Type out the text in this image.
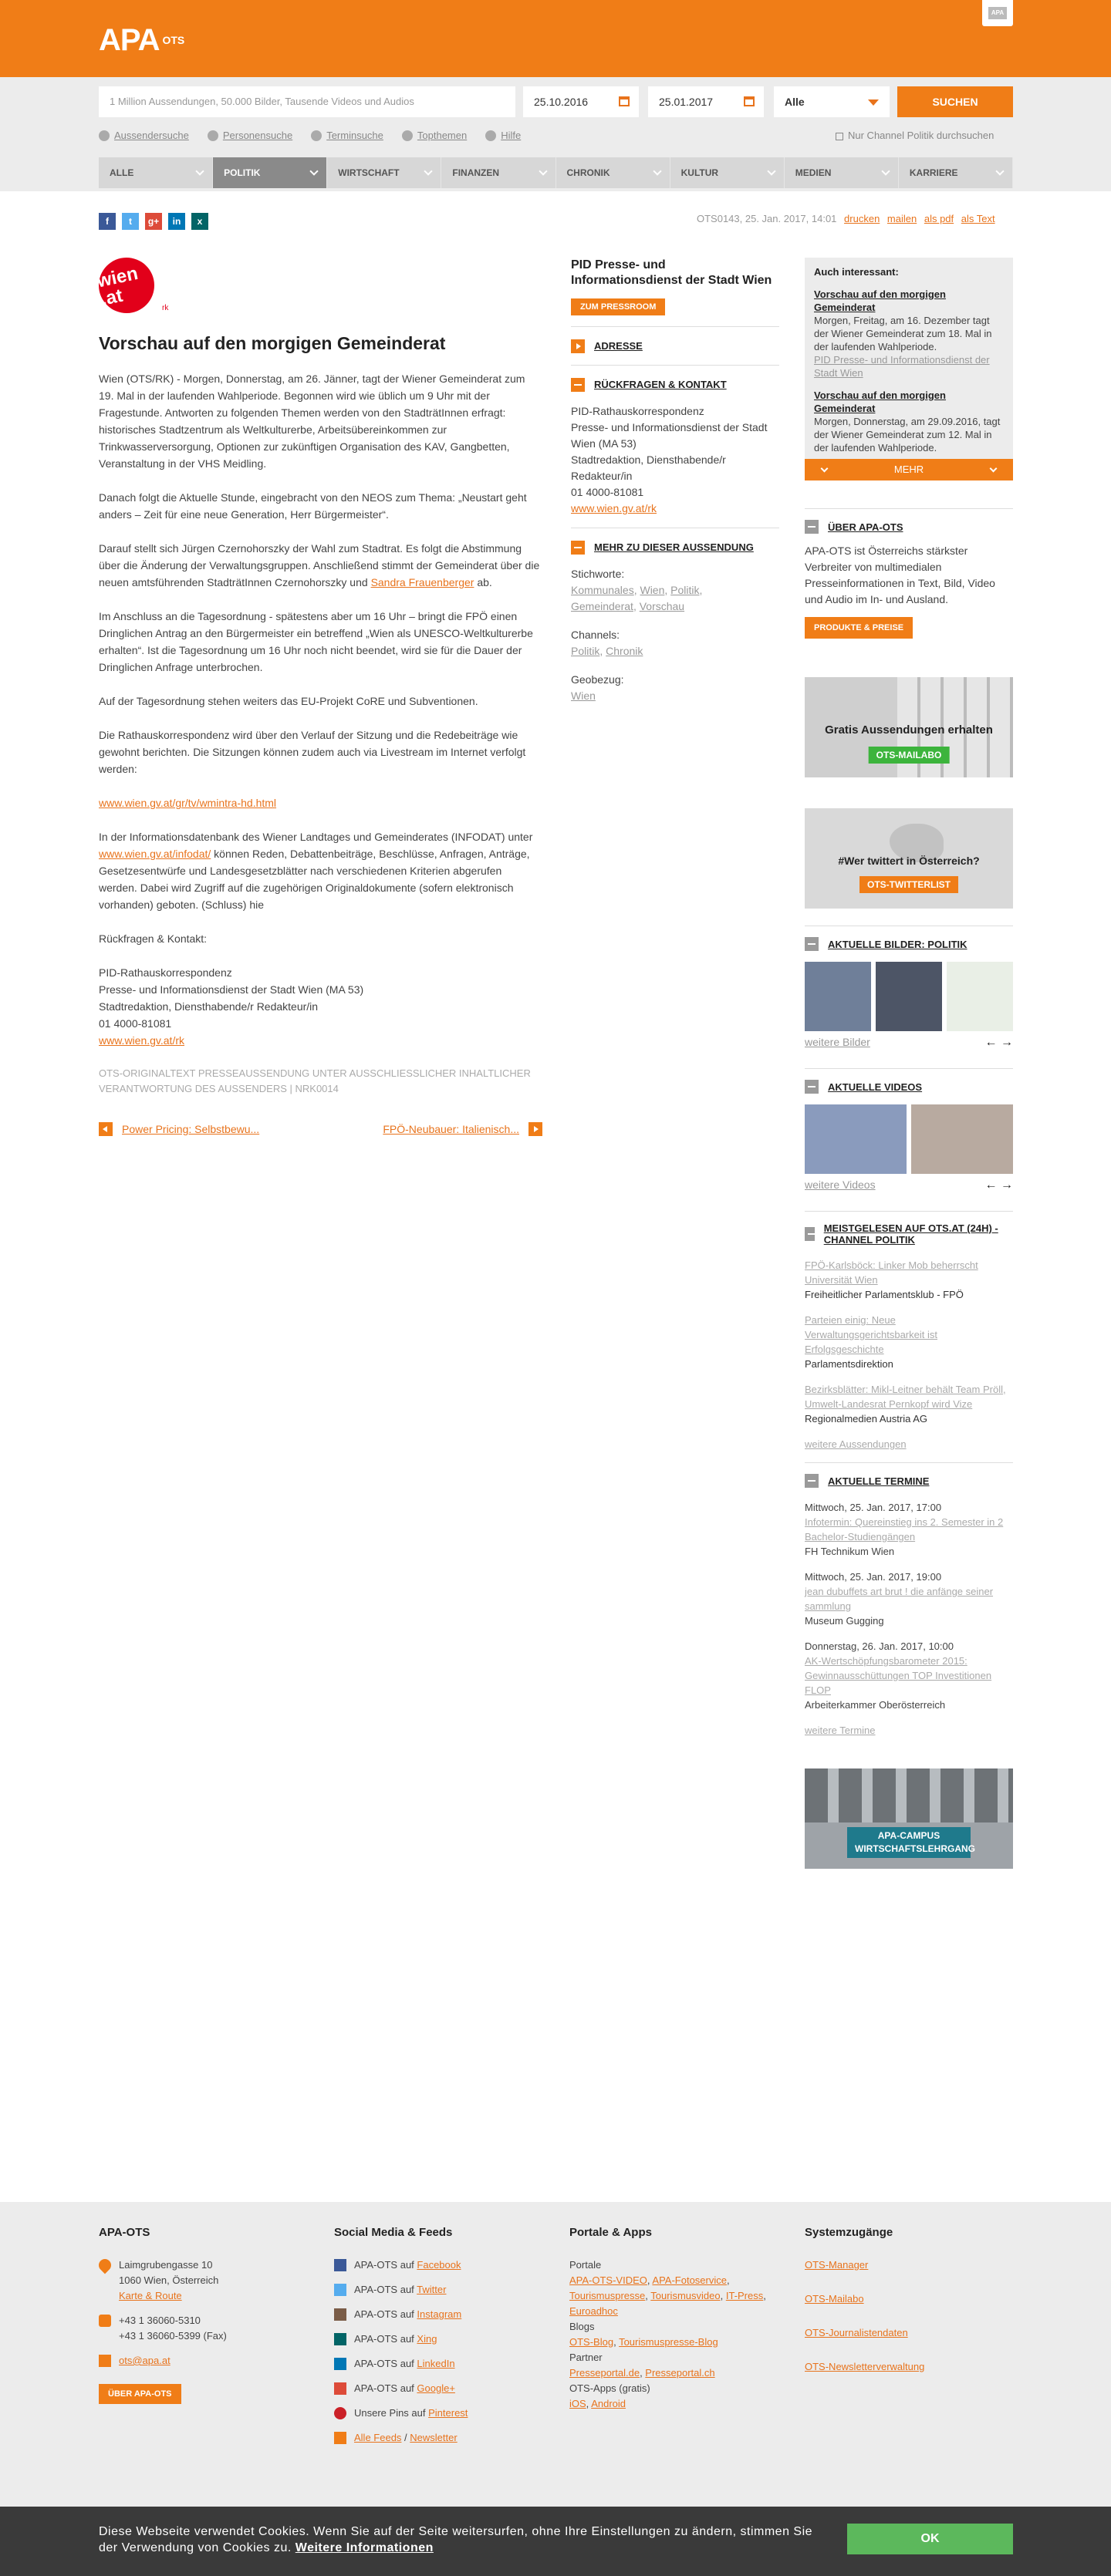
APA $^{OTS}$
APA
1 Million Aussendungen, 50.000 Bilder, Tausende Videos und Audios	25.10.2016	25.01.2017	Alle	SUCHEN
Aussendersuche	Personensuche	Terminsuche	Topthemen	Hilfe	Nur Channel Politik durchsuchen
ALLE	POLITIK	WIRTSCHAFT	FINANZEN	CHRONIK	KULTUR	MEDIEN	KARRIERE
f	t	g+	in	x	OTS0143, 25. Jan. 2017, 14:01 drucken mailen als pdf als Text
wien .at	rk
Vorschau auf den morgigen Gemeinderat

Wien (OTS/RK) - Morgen, Donnerstag, am 26. Jänner, tagt der Wiener Gemeinderat zum 19. Mal in der laufenden Wahlperiode. Begonnen wird wie üblich um 9 Uhr mit der Fragestunde. Antworten zu folgenden Themen werden von den StadträtInnen erfragt: historisches Stadtzentrum als Weltkulturerbe, Arbeitsübereinkommen zur Trinkwasserversorgung, Optionen zur zukünftigen Organisation des KAV, Gangbetten, Veranstaltung in der VHS Meidling.

Danach folgt die Aktuelle Stunde, eingebracht von den NEOS zum Thema: „Neustart geht anders – Zeit für eine neue Generation, Herr Bürgermeister“.

Darauf stellt sich Jürgen Czernohorszky der Wahl zum Stadtrat. Es folgt die Abstimmung über die Änderung der Verwaltungsgruppen. Anschließend stimmt der Gemeinderat über die neuen amtsführenden StadträtInnen Czernohorszky und Sandra Frauenberger ab.

Im Anschluss an die Tagesordnung - spätestens aber um 16 Uhr – bringt die FPÖ einen Dringlichen Antrag an den Bürgermeister ein betreffend „Wien als UNESCO-Weltkulturerbe erhalten“. Ist die Tagesordnung um 16 Uhr noch nicht beendet, wird sie für die Dauer der Dringlichen Anfrage unterbrochen.

Auf der Tagesordnung stehen weiters das EU-Projekt CoRE und Subventionen.

Die Rathauskorrespondenz wird über den Verlauf der Sitzung und die Redebeiträge wie gewohnt berichten. Die Sitzungen können zudem auch via Livestream im Internet verfolgt werden:

www.wien.gv.at/gr/tv/wmintra-hd.html

In der Informationsdatenbank des Wiener Landtages und Gemeinderates (INFODAT) unter www.wien.gv.at/infodat/ können Reden, Debattenbeiträge, Beschlüsse, Anfragen, Anträge, Gesetzesentwürfe und Landesgesetzblätter nach verschiedenen Kriterien abgerufen werden. Dabei wird Zugriff auf die zugehörigen Originaldokumente (sofern elektronisch vorhanden) geboten. (Schluss) hie

Rückfragen & Kontakt:

PID-Rathauskorrespondenz

Presse- und Informationsdienst der Stadt Wien (MA 53)

Stadtredaktion, Diensthabende/r Redakteur/in

01 4000-81081

www.wien.gv.at/rk

OTS-ORIGINALTEXT PRESSEAUSSENDUNG UNTER AUSSCHLIESSLICHER INHALTLICHER VERANTWORTUNG DES AUSSENDERS | NRK0014

Power Pricing: Selbstbewu...	FPÖ-Neubauer: Italienisch...
PID Presse- und Informationsdienst der Stadt Wien
ZUM PRESSROOM
ADRESSE
RÜCKFRAGEN & KONTAKT
PID-Rathauskorrespondenz
Presse- und Informationsdienst der Stadt Wien (MA 53)
Stadtredaktion, Diensthabende/r Redakteur/in
01 4000-81081
www.wien.gv.at/rk
MEHR ZU DIESER AUSSENDUNG
Stichworte:
Kommunales, Wien, Politik,
Gemeinderat, Vorschau
Channels:
Politik, Chronik
Geobezug:
Wien
Auch interessant:
Vorschau auf den morgigen Gemeinderat
Morgen, Freitag, am 16. Dezember tagt der Wiener Gemeinderat zum 18. Mal in der laufenden Wahlperiode.
PID Presse- und Informationsdienst der Stadt Wien
Vorschau auf den morgigen Gemeinderat
Morgen, Donnerstag, am 29.09.2016, tagt der Wiener Gemeinderat zum 12. Mal in der laufenden Wahlperiode.
MEHR
ÜBER APA-OTS
APA-OTS ist Österreichs stärkster Verbreiter von multimedialen Presseinformationen in Text, Bild, Video und Audio im In- und Ausland.
PRODUKTE & PREISE
Gratis Aussendungen erhalten
OTS-MAILABO
#Wer twittert in Österreich?
OTS-TWITTERLIST
AKTUELLE BILDER: POLITIK
weitere Bilder	← →
AKTUELLE VIDEOS
weitere Videos	← →
MEISTGELESEN AUF OTS.AT (24H) - CHANNEL POLITIK
FPÖ-Karlsböck: Linker Mob beherrscht Universität Wien
Freiheitlicher Parlamentsklub - FPÖ
Parteien einig: Neue Verwaltungsgerichtsbarkeit ist Erfolgsgeschichte
Parlamentsdirektion
Bezirksblätter: Mikl-Leitner behält Team Pröll, Umwelt-Landesrat Pernkopf wird Vize
Regionalmedien Austria AG
weitere Aussendungen
AKTUELLE TERMINE
Mittwoch, 25. Jan. 2017, 17:00
Infotermin: Quereinstieg ins 2. Semester in 2 Bachelor-Studiengängen
FH Technikum Wien
Mittwoch, 25. Jan. 2017, 19:00
jean dubuffets art brut ! die anfänge seiner sammlung
Museum Gugging
Donnerstag, 26. Jan. 2017, 10:00
AK-Wertschöpfungsbarometer 2015: Gewinnausschüttungen TOP Investitionen FLOP
Arbeiterkammer Oberösterreich
weitere Termine
APA-CAMPUS WIRTSCHAFTSLEHRGANG
APA-OTS
Laimgrubengasse 10
1060 Wien, Österreich
Karte & Route
+43 1 36060-5310
+43 1 36060-5399 (Fax)
ots@apa.at
ÜBER APA-OTS
Social Media & Feeds
APA-OTS auf Facebook
APA-OTS auf Twitter
APA-OTS auf Instagram
APA-OTS auf Xing
APA-OTS auf LinkedIn
APA-OTS auf Google+
Unsere Pins auf Pinterest
Alle Feeds / Newsletter
Portale & Apps
Portale
APA-OTS-VIDEO, APA-Fotoservice, Tourismuspresse, Tourismusvideo, IT-Press, Euroadhoc
Blogs
OTS-Blog, Tourismuspresse-Blog
Partner
Presseportal.de, Presseportal.ch
OTS-Apps (gratis)
iOS, Android
Systemzugänge
OTS-Manager
OTS-Mailabo
OTS-Journalistendaten
OTS-Newsletterverwaltung
Diese Webseite verwendet Cookies. Wenn Sie auf der Seite weitersurfen, ohne Ihre Einstellungen zu ändern, stimmen Sie der Verwendung von Cookies zu. Weitere Informationen
OK
